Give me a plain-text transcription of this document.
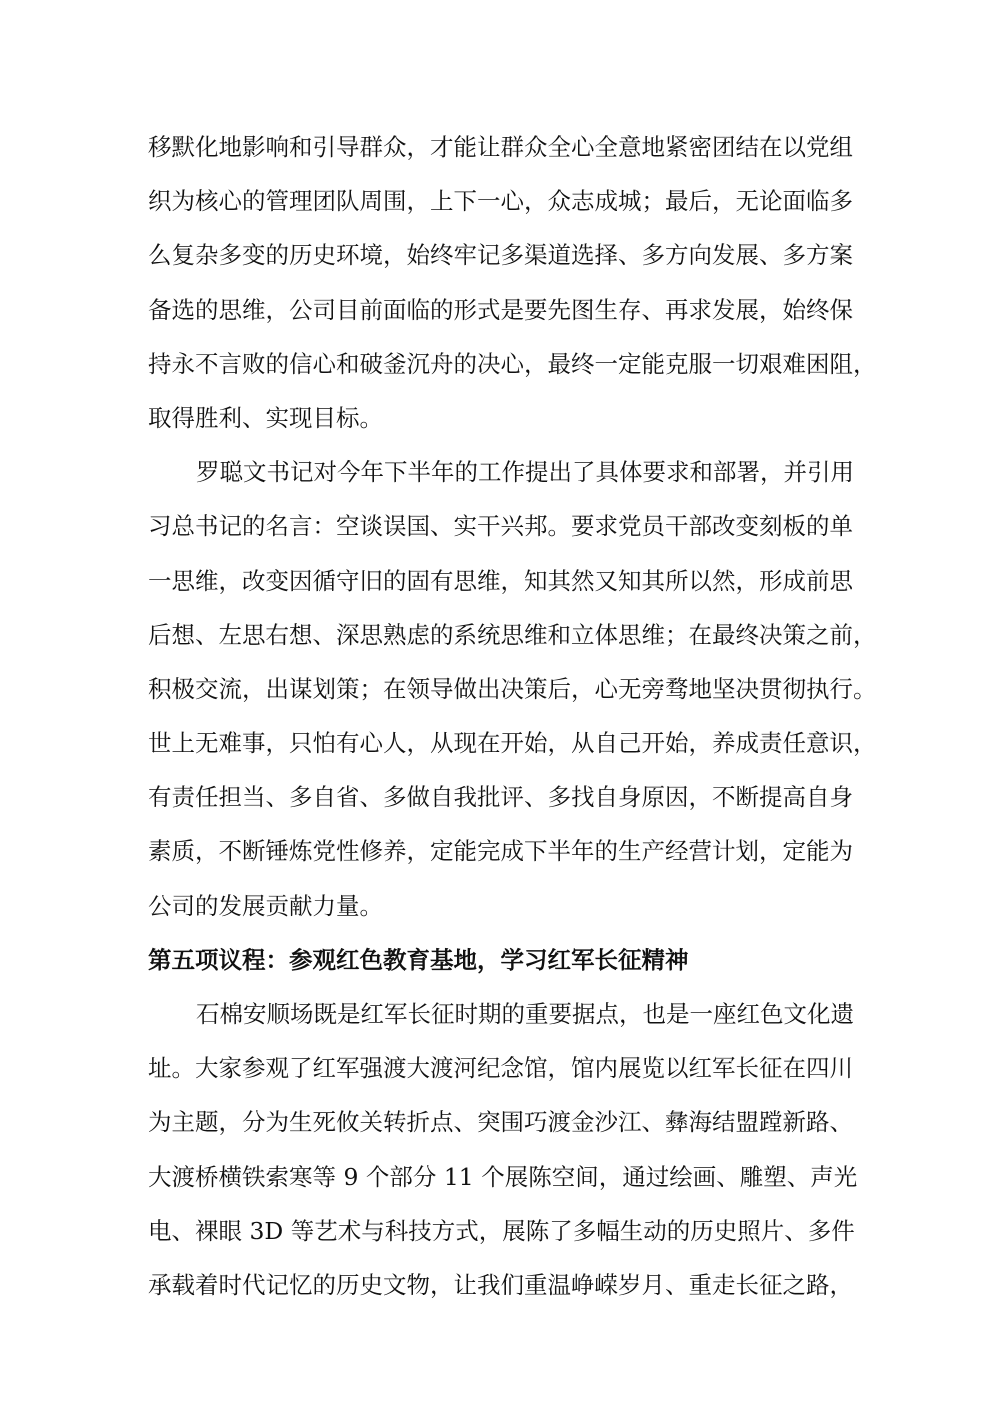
移默化地影响和引导群众，才能让群众全心全意地紧密团结在以党组
织为核心的管理团队周围，上下一心，众志成城；最后，无论面临多
么复杂多变的历史环境，始终牢记多渠道选择、多方向发展、多方案
备选的思维，公司目前面临的形式是要先图生存、再求发展，始终保
持永不言败的信心和破釜沉舟的决心，最终一定能克服一切艰难困阻，
取得胜利、实现目标。
罗聪文书记对今年下半年的工作提出了具体要求和部署，并引用
习总书记的名言：空谈误国、实干兴邦。要求党员干部改变刻板的单
一思维，改变因循守旧的固有思维，知其然又知其所以然，形成前思
后想、左思右想、深思熟虑的系统思维和立体思维；在最终决策之前，
积极交流，出谋划策；在领导做出决策后，心无旁骛地坚决贯彻执行。
世上无难事，只怕有心人，从现在开始，从自己开始，养成责任意识，
有责任担当、多自省、多做自我批评、多找自身原因，不断提高自身
素质，不断锤炼党性修养，定能完成下半年的生产经营计划，定能为
公司的发展贡献力量。
第五项议程：参观红色教育基地，学习红军长征精神
石棉安顺场既是红军长征时期的重要据点，也是一座红色文化遗
址。大家参观了红军强渡大渡河纪念馆，馆内展览以红军长征在四川
为主题，分为生死攸关转折点、突围巧渡金沙江、彝海结盟蹚新路、
大渡桥横铁索寒等 9 个部分 11 个展陈空间，通过绘画、雕塑、声光
电、裸眼 3D 等艺术与科技方式，展陈了多幅生动的历史照片、多件
承载着时代记忆的历史文物，让我们重温峥嵘岁月、重走长征之路，
